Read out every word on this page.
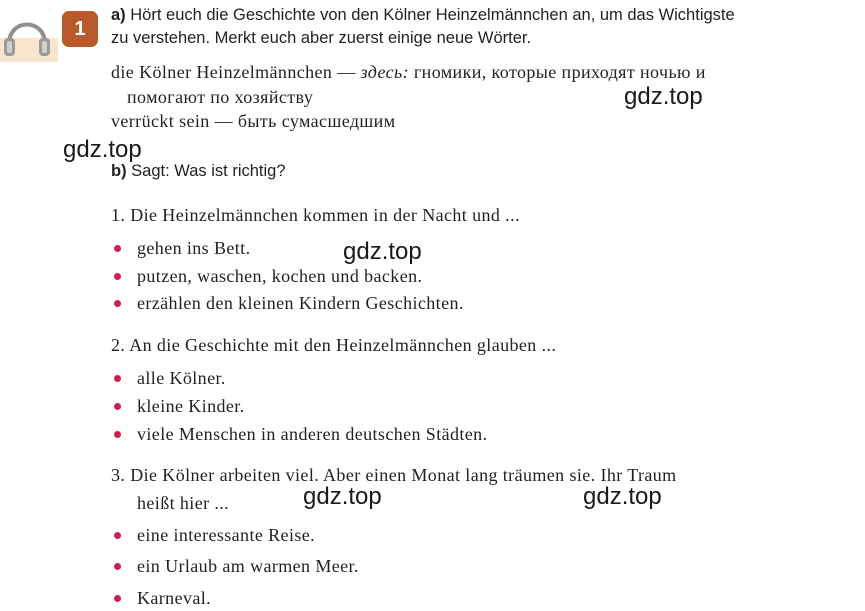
1
a) Hört euch die Geschichte von den Kölner Heinzelmännchen an, um das Wichtigste
zu verstehen. Merkt euch aber zuerst einige neue Wörter.
die Kölner Heinzelmännchen — здесь: гномики, которые приходят ночью и
помогают по хозяйству
verrückt sein — быть сумасшедшим
b) Sagt: Was ist richtig?
1. Die Heinzelmännchen kommen in der Nacht und ...
gehen ins Bett.
putzen, waschen, kochen und backen.
erzählen den kleinen Kindern Geschichten.
2. An die Geschichte mit den Heinzelmännchen glauben ...
alle Kölner.
kleine Kinder.
viele Menschen in anderen deutschen Städten.
3. Die Kölner arbeiten viel. Aber einen Monat lang träumen sie. Ihr Traum
heißt hier ...
eine interessante Reise.
ein Urlaub am warmen Meer.
Karneval.
gdz.top
gdz.top
gdz.top
gdz.top	gdz.top
